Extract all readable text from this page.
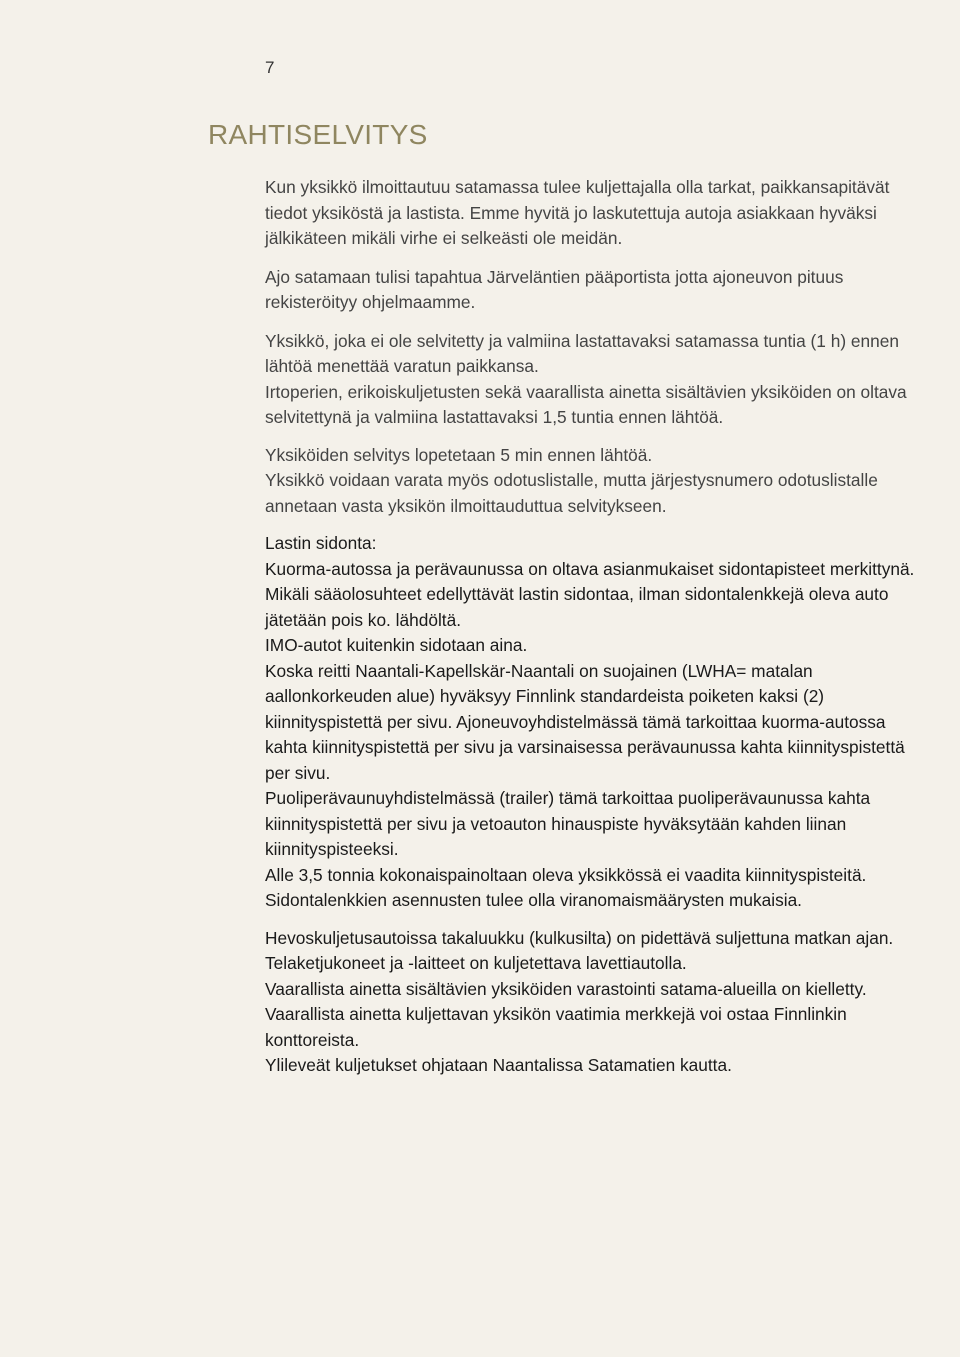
7
RAHTISELVITYS

Kun yksikkö ilmoittautuu satamassa tulee kuljettajalla olla tarkat, paikkansapitävät tiedot yksiköstä ja lastista. Emme hyvitä jo laskutettuja autoja asiakkaan hyväksi jälkikäteen mikäli virhe ei selkeästi ole meidän.

Ajo satamaan tulisi tapahtua Järveläntien pääportista jotta ajoneuvon pituus rekisteröityy ohjelmaamme.

Yksikkö, joka ei ole selvitetty ja valmiina lastattavaksi satamassa tuntia (1 h) ennen lähtöä menettää varatun paikkansa.

Irtoperien, erikoiskuljetusten sekä vaarallista ainetta sisältävien yksiköiden on oltava selvitettynä ja valmiina lastattavaksi 1,5 tuntia ennen lähtöä.

Yksiköiden selvitys lopetetaan 5 min ennen lähtöä.

Yksikkö voidaan varata myös odotuslistalle, mutta järjestysnumero odotuslistalle annetaan vasta yksikön ilmoittauduttua selvitykseen.

Lastin sidonta:

Kuorma-autossa ja perävaunussa on oltava asianmukaiset sidontapisteet merkittynä. Mikäli sääolosuhteet edellyttävät lastin sidontaa, ilman sidontalenkkejä oleva auto jätetään pois ko. lähdöltä.

IMO-autot kuitenkin sidotaan aina.

Koska reitti Naantali-Kapellskär-Naantali on suojainen (LWHA= matalan aallonkorkeuden alue) hyväksyy Finnlink standardeista poiketen kaksi (2) kiinnityspistettä per sivu. Ajoneuvoyhdistelmässä tämä tarkoittaa kuorma-autossa kahta kiinnityspistettä per sivu ja varsinaisessa perävaunussa kahta kiinnityspistettä per sivu.

Puoliperävaunuyhdistelmässä (trailer) tämä tarkoittaa puoliperävaunussa kahta kiinnityspistettä per sivu ja vetoauton hinauspiste hyväksytään kahden liinan kiinnityspisteeksi.

Alle 3,5 tonnia kokonaispainoltaan oleva yksikkössä ei vaadita kiinnityspisteitä. Sidontalenkkien asennusten tulee olla viranomaismäärysten mukaisia.

Hevoskuljetusautoissa takaluukku (kulkusilta) on pidettävä suljettuna matkan ajan.

Telaketjukoneet ja -laitteet on kuljetettava lavettiautolla.

Vaarallista ainetta sisältävien yksiköiden varastointi satama-alueilla on kielletty.

Vaarallista ainetta kuljettavan yksikön vaatimia merkkejä voi ostaa Finnlinkin konttoreista.

Ylileveät kuljetukset ohjataan Naantalissa Satamatien kautta.
